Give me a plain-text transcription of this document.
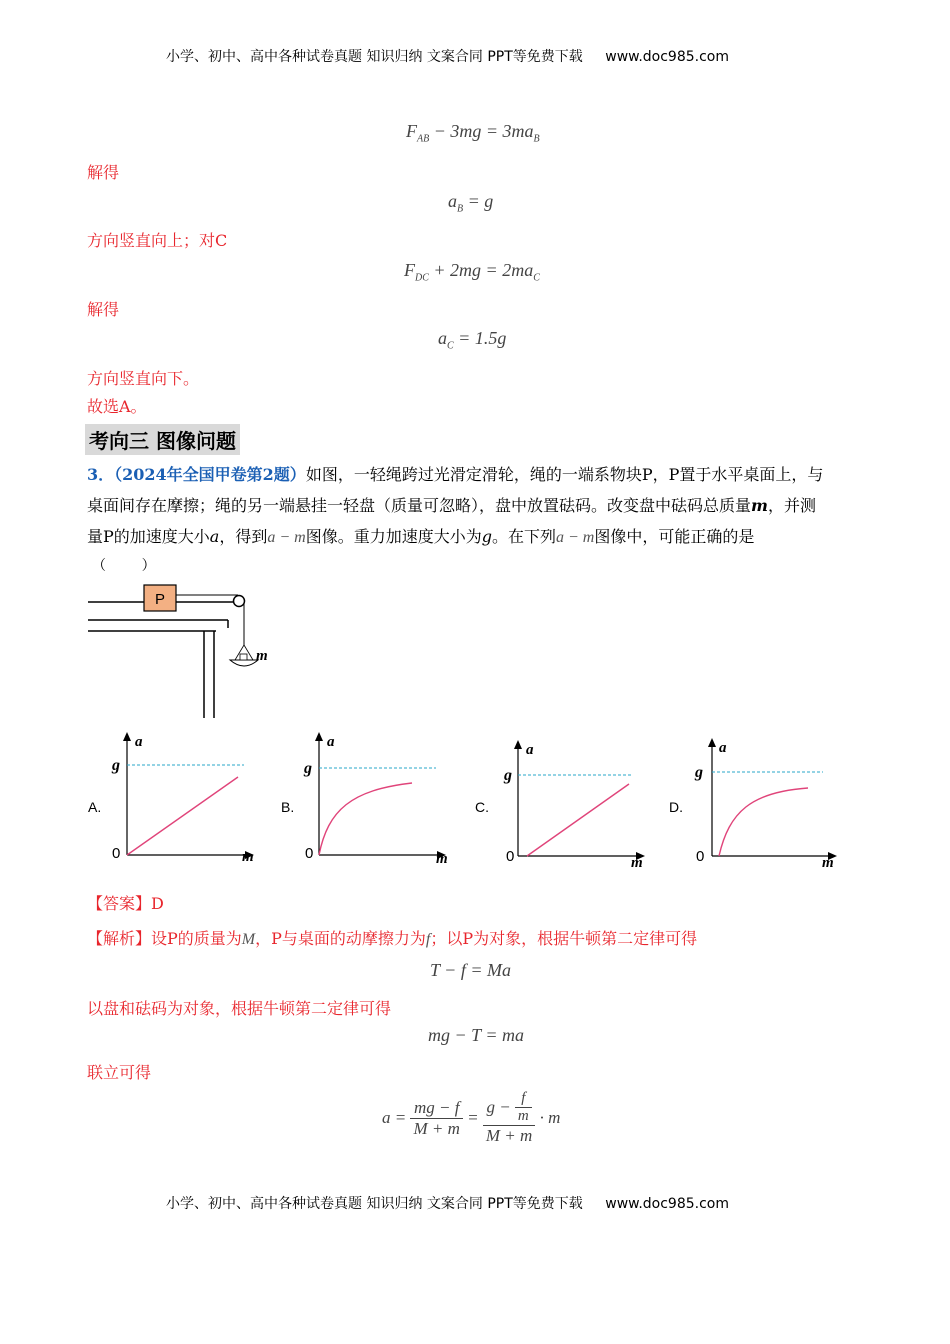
小学、初中、高中各种试卷真题 知识归纳 文案合同 PPT等免费下载 www.doc985.com
$F_{AB} - 3mg = 3ma_B$
解得
$a_B = g$
方向竖直向上；对C
$F_{DC} + 2mg = 2ma_C$
解得
$a_C = 1.5g$
方向竖直向下。
故选A。
考向三 图像问题
3．（2024年全国甲卷第2题）如图，一轻绳跨过光滑定滑轮，绳的一端系物块P，P置于水平桌面上，与
桌面间存在摩擦；绳的另一端悬挂一轻盘（质量可忽略），盘中放置砝码。改变盘中砝码总质量m，并测
量P的加速度大小a，得到a − m图像。重力加速度大小为g。在下列a − m图像中，可能正确的是
（        ）
P
m
A.
a
g
0	m
B.
a
g
0	m
C.
a
g
0	m
D.
a
g
0	m
【答案】D
【解析】设P的质量为M，P与桌面的动摩擦力为f；以P为对象，根据牛顿第二定律可得
T − f = Ma
以盘和砝码为对象，根据牛顿第二定律可得
mg − T = ma
联立可得
$a = \frac{mg - f}{M + m} = \frac{g - \frac{f}{m}}{M + m} \cdot m$
小学、初中、高中各种试卷真题 知识归纳 文案合同 PPT等免费下载 www.doc985.com
